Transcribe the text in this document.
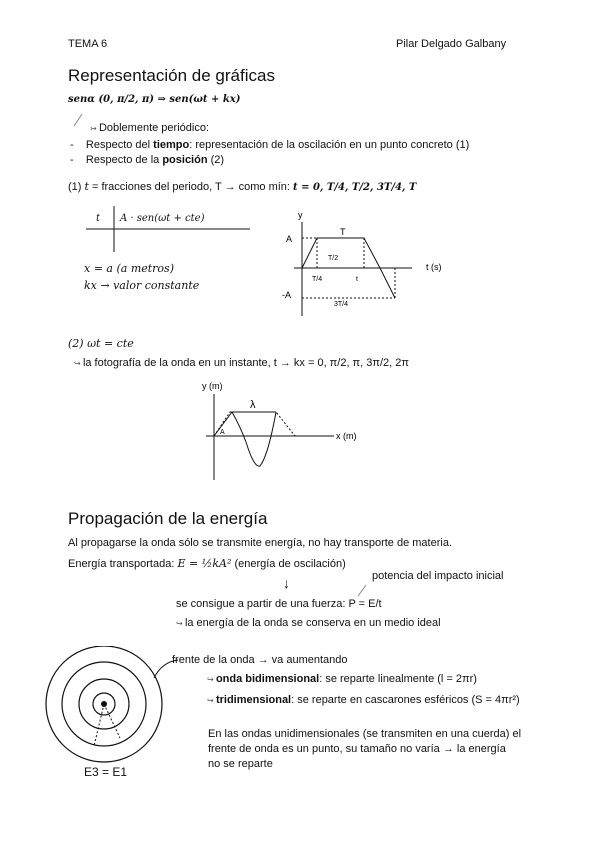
TEMA 6	Pilar Delgado Galbany
Representación de gráficas
senα (0, π/2, π) ⇒ sen(ωt + kx)
↣ Doblemente periódico:
-    Respecto del tiempo: representación de la oscilación en un punto concreto (1)
-    Respecto de la posición (2)
(1) t = fracciones del periodo, T → como mín: t = 0, T/4, T/2, 3T/4, T
t A · sen(ωt + cte)
x = a (a metros)
kx → valor constante
y
A
-A
T
T/2
T/4	t
3T/4
t (s)
(2) ωt = cte
↪ la fotografía de la onda en un instante, t → kx = 0, π/2, π, 3π/2, 2π
y (m)
x (m)
λ
A
Propagación de la energía
Al propagarse la onda sólo se transmite energía, no hay transporte de materia.
Energía transportada: E = ½kA² (energía de oscilación)
↓	potencia del impacto inicial
se consigue a partir de una fuerza: P = E/t
↪ la energía de la onda se conserva en un medio ideal
frente de la onda → va aumentando
↪ onda bidimensional: se reparte linealmente (l = 2πr)
↪ tridimensional: se reparte en cascarones esféricos (S = 4πr²)
En las ondas unidimensionales (se transmiten en una cuerda) el
frente de onda es un punto, su tamaño no varía → la energía
no se reparte
E3 = E1
